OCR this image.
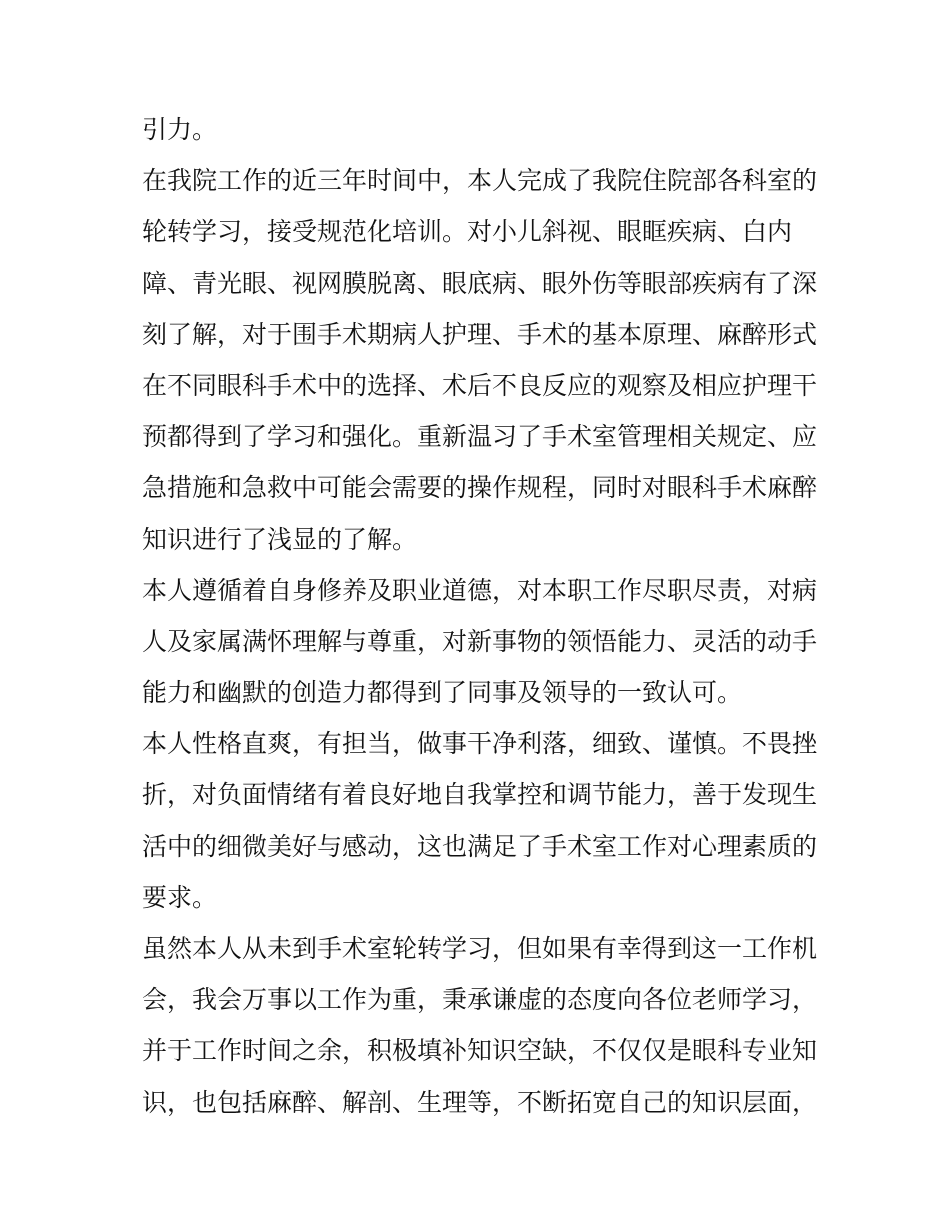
引力。
在我院工作的近三年时间中，本人完成了我院住院部各科室的
轮转学习，接受规范化培训。对小儿斜视、眼眶疾病、白内
障、青光眼、视网膜脱离、眼底病、眼外伤等眼部疾病有了深
刻了解，对于围手术期病人护理、手术的基本原理、麻醉形式
在不同眼科手术中的选择、术后不良反应的观察及相应护理干
预都得到了学习和强化。重新温习了手术室管理相关规定、应
急措施和急救中可能会需要的操作规程，同时对眼科手术麻醉
知识进行了浅显的了解。
本人遵循着自身修养及职业道德，对本职工作尽职尽责，对病
人及家属满怀理解与尊重，对新事物的领悟能力、灵活的动手
能力和幽默的创造力都得到了同事及领导的一致认可。
本人性格直爽，有担当，做事干净利落，细致、谨慎。不畏挫
折，对负面情绪有着良好地自我掌控和调节能力，善于发现生
活中的细微美好与感动，这也满足了手术室工作对心理素质的
要求。
虽然本人从未到手术室轮转学习，但如果有幸得到这一工作机
会，我会万事以工作为重，秉承谦虚的态度向各位老师学习，
并于工作时间之余，积极填补知识空缺，不仅仅是眼科专业知
识，也包括麻醉、解剖、生理等，不断拓宽自己的知识层面，
